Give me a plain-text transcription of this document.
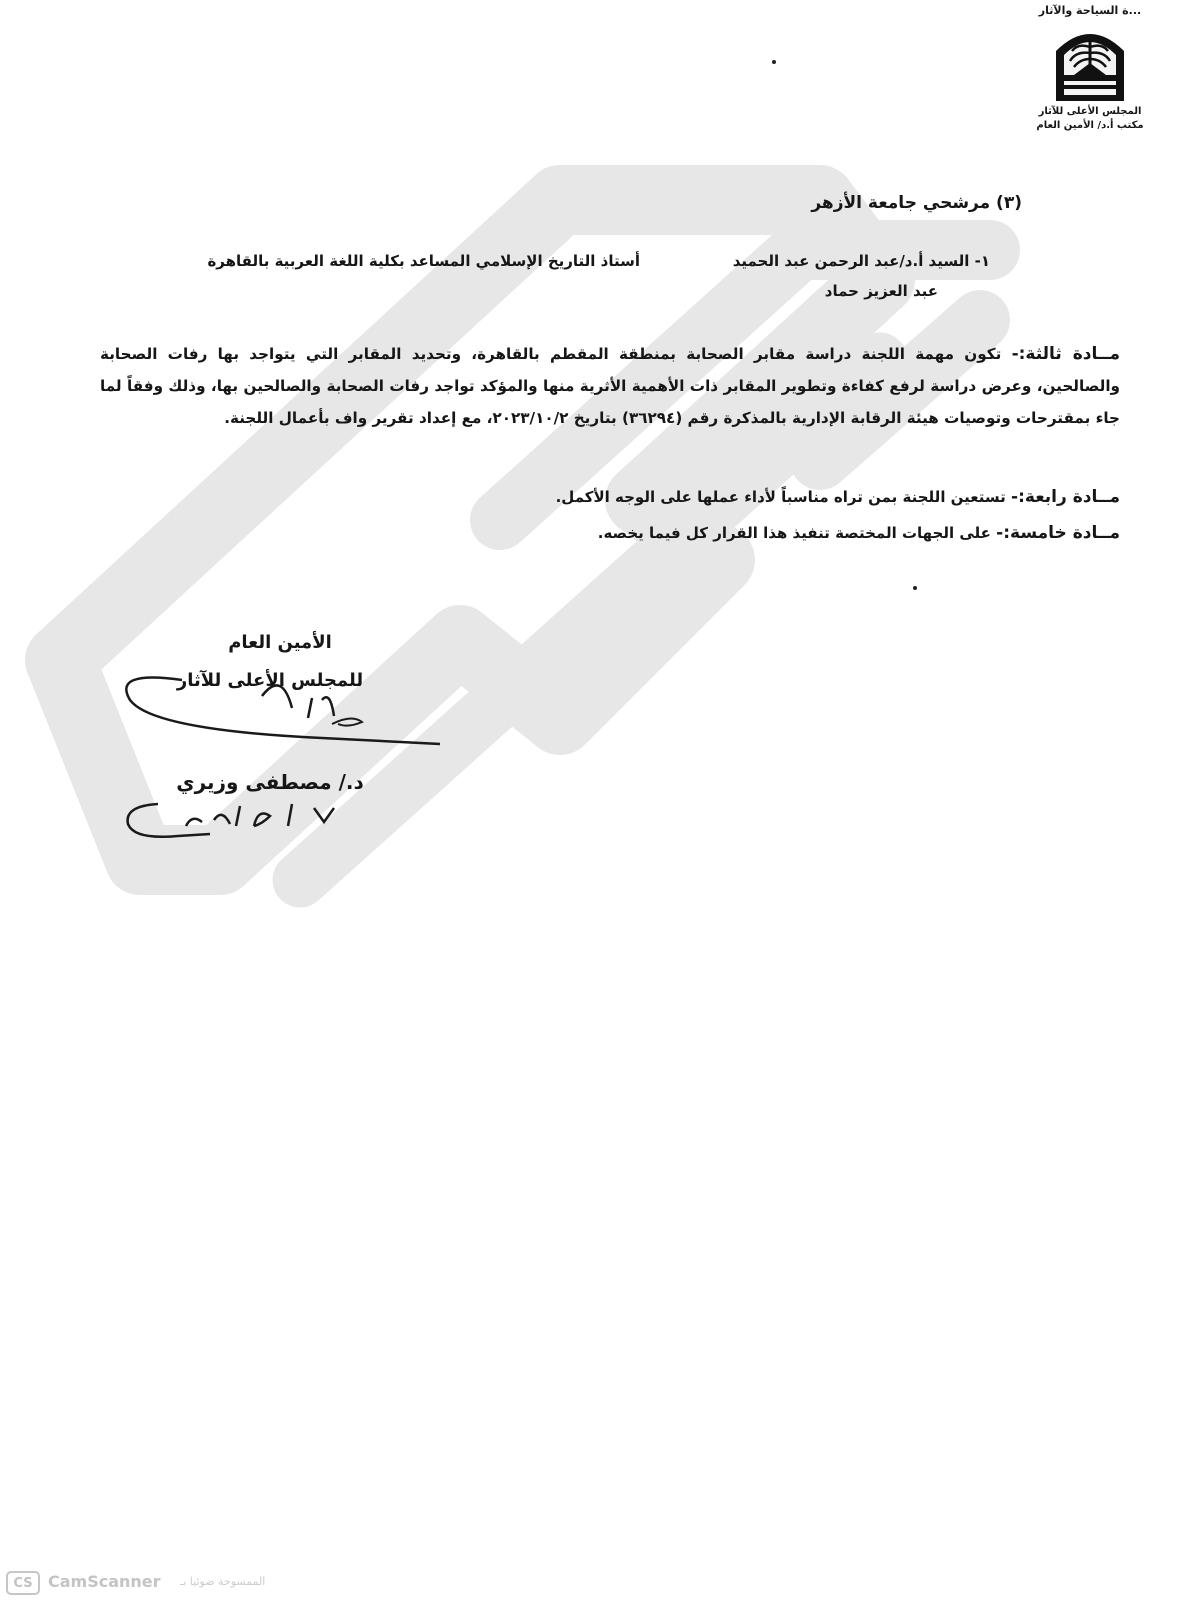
...ة السياحة والآثار
المجلس الأعلى للآثار
مكتب أ.د/ الأمين العام
(٣) مرشحي جامعة الأزهر
١- السيد أ.د/عبد الرحمن عبد الحميد
أستاذ التاريخ الإسلامي المساعد بكلية اللغة العربية بالقاهرة
عبد العزيز حماد
مــادة ثالثة:- تكون مهمة اللجنة دراسة مقابر الصحابة بمنطقة المقطم بالقاهرة، وتحديد المقابر التي يتواجد بها رفات الصحابة والصالحين، وعرض دراسة لرفع كفاءة وتطوير المقابر ذات الأهمية الأثرية منها والمؤكد تواجد رفات الصحابة والصالحين بها، وذلك وفقاً لما جاء بمقترحات وتوصيات هيئة الرقابة الإدارية بالمذكرة رقم (٣٦٢٩٤) بتاريخ ٢٠٢٣/١٠/٢، مع إعداد تقرير واف بأعمال اللجنة.
مــادة رابعة:- تستعين اللجنة بمن تراه مناسباً لأداء عملها على الوجه الأكمل.
مــادة خامسة:- على الجهات المختصة تنفيذ هذا القرار كل فيما يخصه.
الأمين العام
للمجلس الأعلى للآثار
د./ مصطفى وزيري
CS CamScanner الممسوحة ضوئيا بـ
